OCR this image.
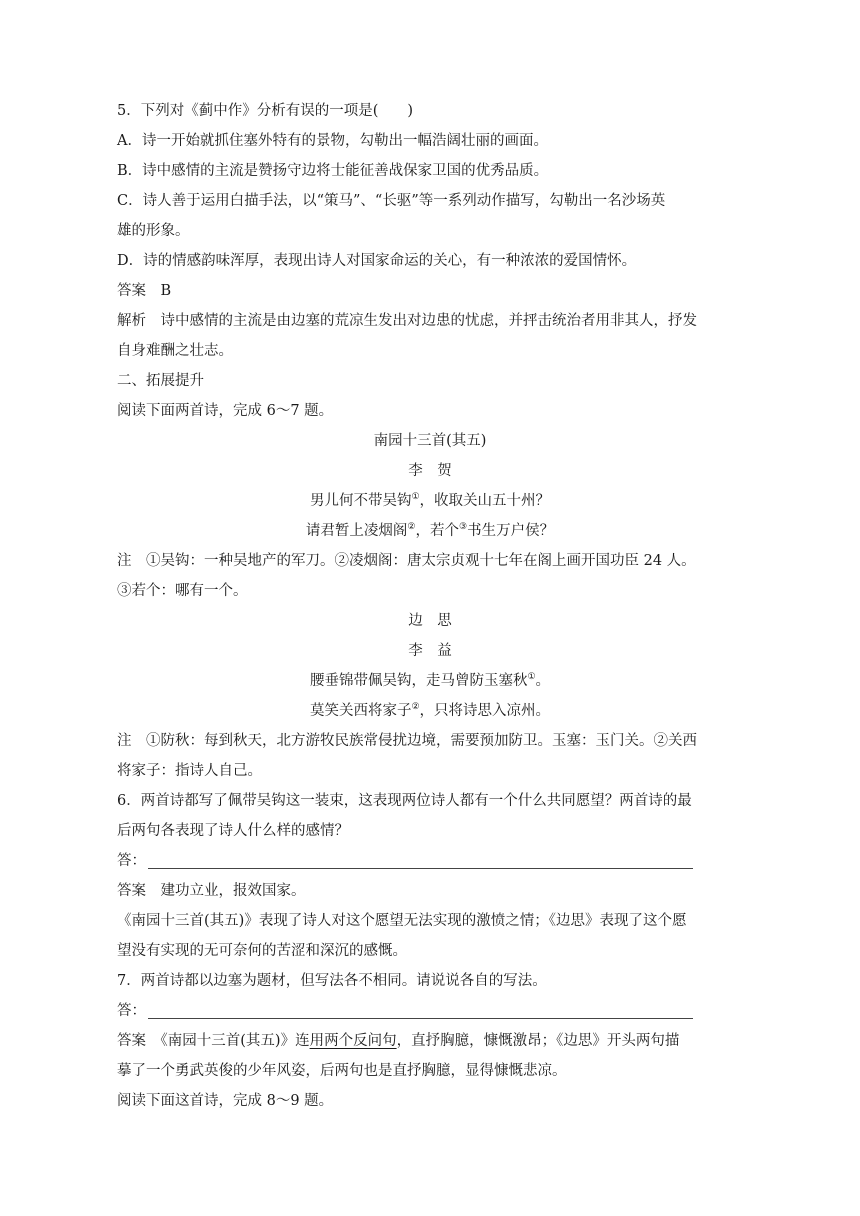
5．下列对《蓟中作》分析有误的一项是(　　)
A．诗一开始就抓住塞外特有的景物，勾勒出一幅浩阔壮丽的画面。
B．诗中感情的主流是赞扬守边将士能征善战保家卫国的优秀品质。
C．诗人善于运用白描手法，以“策马”、“长驱”等一系列动作描写，勾勒出一名沙场英
雄的形象。
D．诗的情感韵味浑厚，表现出诗人对国家命运的关心，有一种浓浓的爱国情怀。
答案　B
解析　诗中感情的主流是由边塞的荒凉生发出对边患的忧虑，并抨击统治者用非其人，抒发
自身难酬之壮志。
二、拓展提升
阅读下面两首诗，完成 6～7 题。
南园十三首(其五)
李　贺
男儿何不带吴钩①，收取关山五十州？
请君暂上凌烟阁②，若个③书生万户侯？
注　①吴钩：一种吴地产的军刀。②凌烟阁：唐太宗贞观十七年在阁上画开国功臣 24 人。
③若个：哪有一个。
边　思
李　益
腰垂锦带佩吴钩，走马曾防玉塞秋①。
莫笑关西将家子②，只将诗思入凉州。
注　①防秋：每到秋天，北方游牧民族常侵扰边境，需要预加防卫。玉塞：玉门关。②关西
将家子：指诗人自己。
6．两首诗都写了佩带吴钩这一装束，这表现两位诗人都有一个什么共同愿望？两首诗的最
后两句各表现了诗人什么样的感情？
答：
答案　建功立业，报效国家。
《南园十三首(其五)》表现了诗人对这个愿望无法实现的激愤之情；《边思》表现了这个愿
望没有实现的无可奈何的苦涩和深沉的感慨。
7．两首诗都以边塞为题材，但写法各不相同。请说说各自的写法。
答：
答案　《南园十三首(其五)》连用两个反问句，直抒胸臆，慷慨激昂；《边思》开头两句描
摹了一个勇武英俊的少年风姿，后两句也是直抒胸臆，显得慷慨悲凉。
阅读下面这首诗，完成 8～9 题。
